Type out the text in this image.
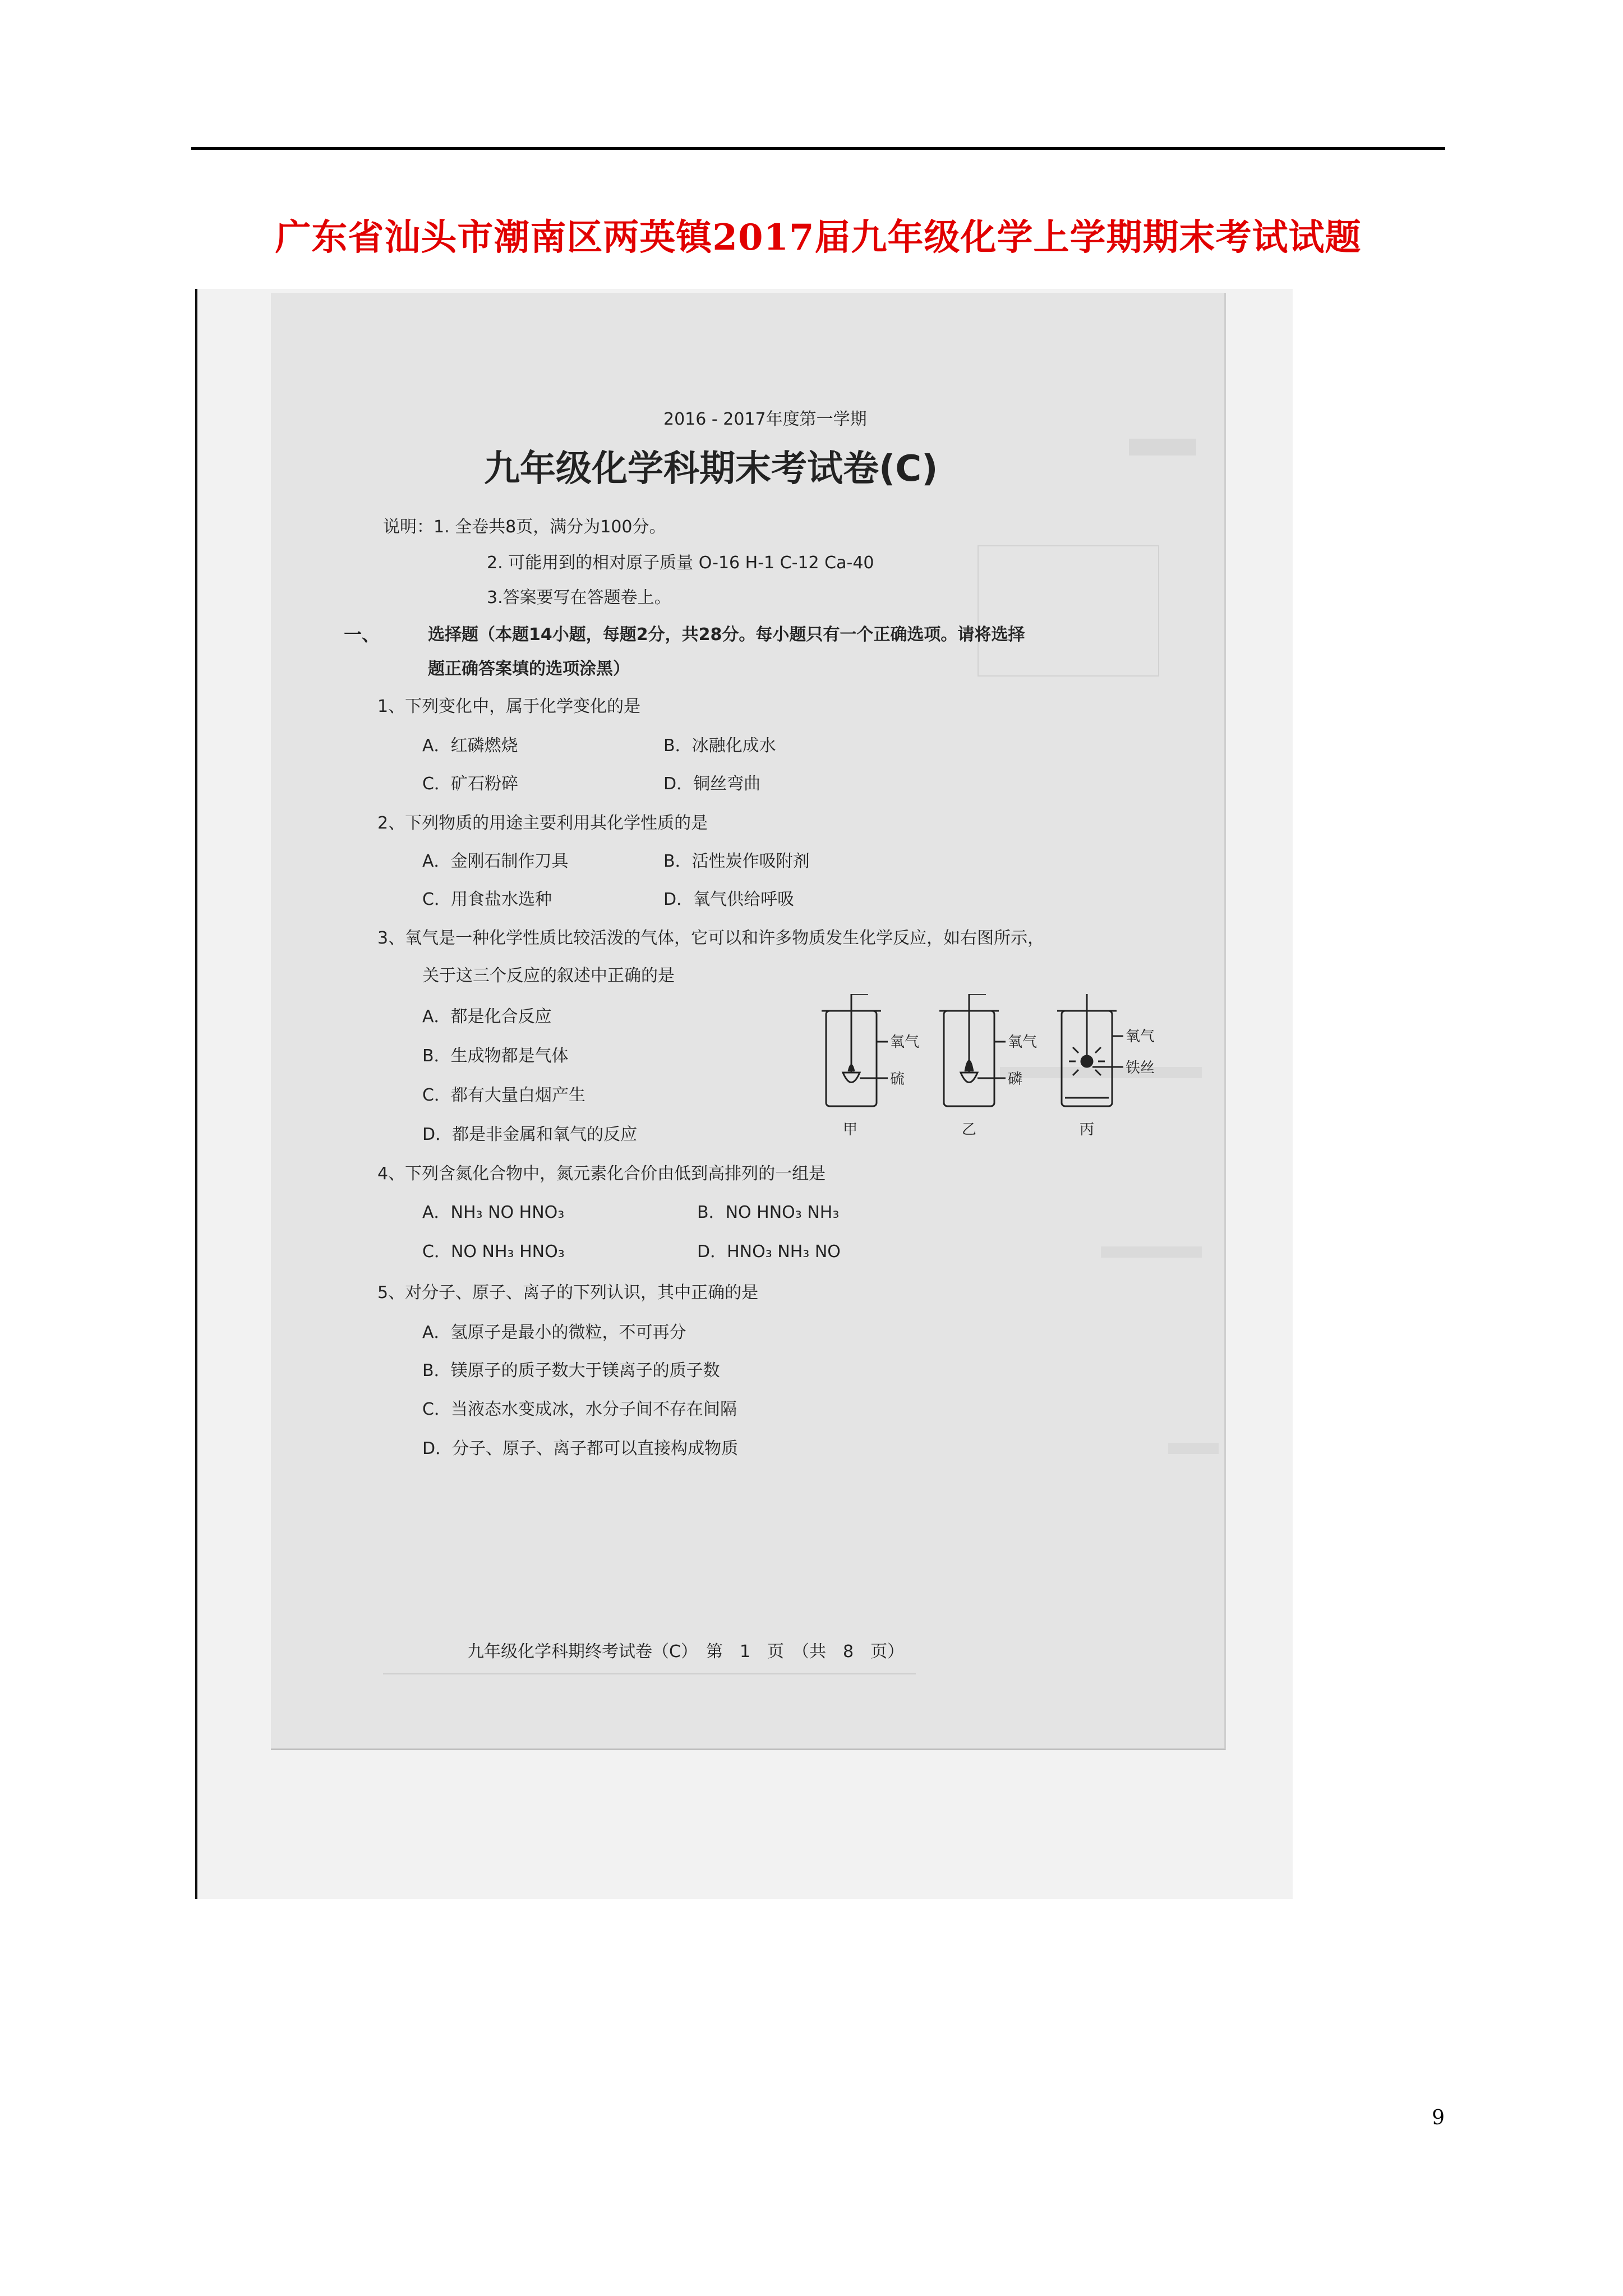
广东省汕头市潮南区两英镇2017届九年级化学上学期期末考试试题
2016 - 2017年度第一学期
九年级化学科期末考试卷(C)
说明：1. 全卷共8页，满分为100分。
2. 可能用到的相对原子质量 O-16 H-1 C-12 Ca-40
3.答案要写在答题卷上。
一、	选择题（本题14小题，每题2分，共28分。每小题只有一个正确选项。请将选择
题正确答案填的选项涂黑）
1、下列变化中，属于化学变化的是
A．红磷燃烧	B．冰融化成水
C．矿石粉碎	D．铜丝弯曲
2、下列物质的用途主要利用其化学性质的是
A．金刚石制作刀具	B．活性炭作吸附剂
C．用食盐水选种	D．氧气供给呼吸
3、氧气是一种化学性质比较活泼的气体，它可以和许多物质发生化学反应，如右图所示，
关于这三个反应的叙述中正确的是
A．都是化合反应
B．生成物都是气体
C．都有大量白烟产生
D．都是非金属和氧气的反应
氧气
硫
甲
氧气
磷
乙
氧气
铁丝
丙
4、下列含氮化合物中，氮元素化合价由低到高排列的一组是
A．NH₃ NO HNO₃	B．NO HNO₃ NH₃
C．NO NH₃ HNO₃	D．HNO₃ NH₃ NO
5、对分子、原子、离子的下列认识，其中正确的是
A．氢原子是最小的微粒，不可再分
B．镁原子的质子数大于镁离子的质子数
C．当液态水变成冰，水分子间不存在间隔
D．分子、原子、离子都可以直接构成物质
九年级化学科期终考试卷（C）　第　1　页　（共　8　页）
9
